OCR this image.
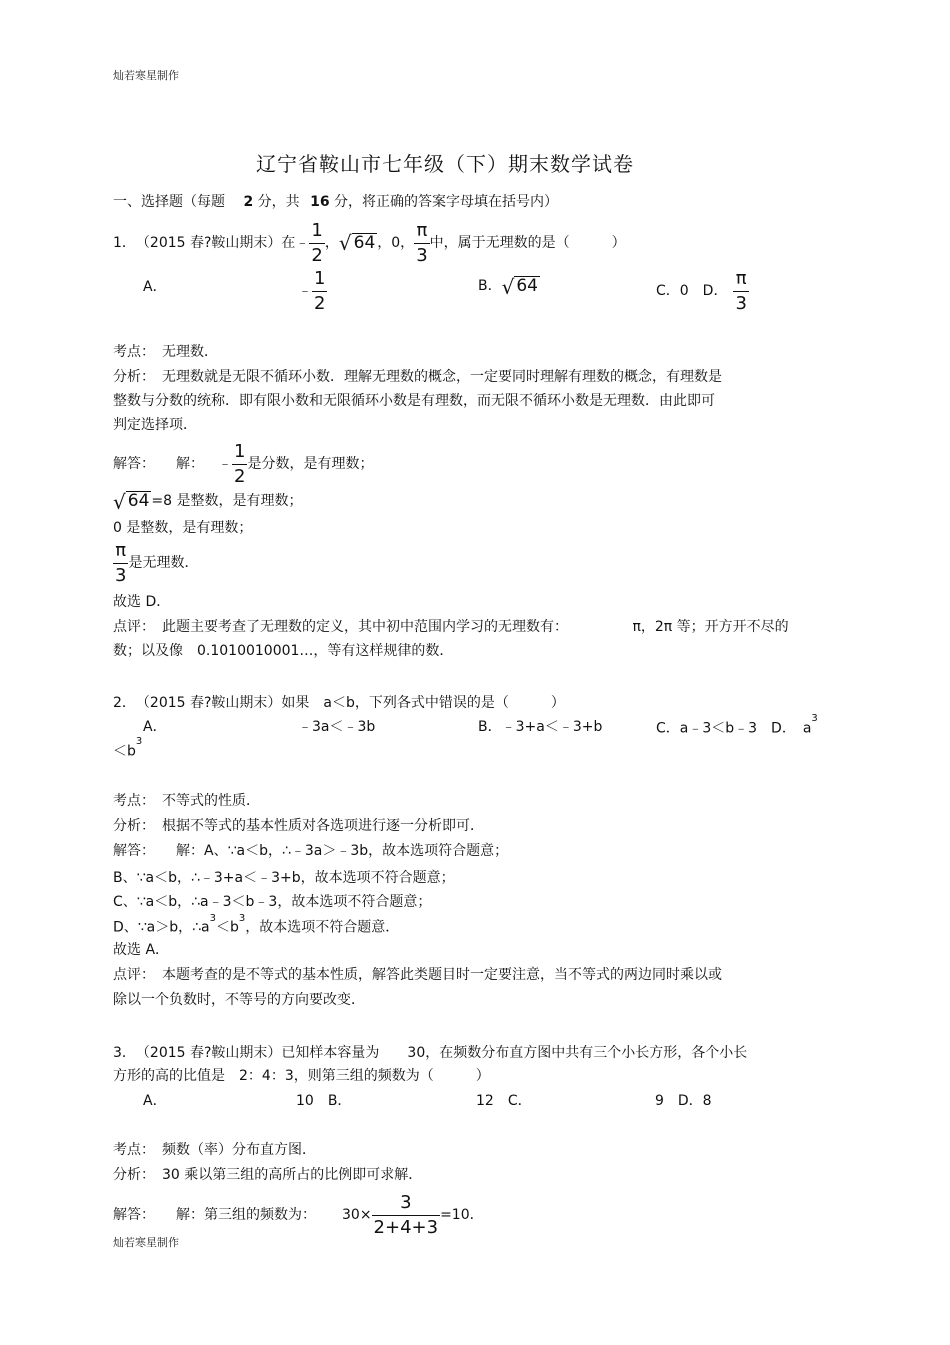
灿若寒星制作
辽宁省鞍山市七年级（下）期末数学试卷
一、选择题（每题 2 分，共 16 分，将正确的答案字母填在括号内）
1．　（2015 春?鞍山期末）在﹣ $\frac{1}{2}$ ， √ 64 ，0， $\frac{\pi}{3}$ 中，属于无理数的是（　　　）
A．	﹣ $\frac{1}{2}$	B． √ 64	C．0　D． $\frac{\pi}{3}$
考点：　无理数．
分析：　无理数就是无限不循环小数．理解无理数的概念，一定要同时理解有理数的概念，有理数是
整数与分数的统称．即有限小数和无限循环小数是有理数，而无限不循环小数是无理数．由此即可
判定选择项．
解答：　　解： ﹣ $\frac{1}{2}$ 是分数，是有理数；
√ 64 =8 是整数，是有理数；
0 是整数，是有理数；
$\frac{\pi}{3}$ 是无理数．
故选 D．
点评：　此题主要考查了无理数的定义，其中初中范围内学习的无理数有：	π，2π 等；开方开不尽的
数；以及像　0.1010010001…，等有这样规律的数．
2．　（2015 春?鞍山期末）如果　a＜b，下列各式中错误的是（　　　）
A．	﹣3a＜﹣3b	B．﹣3+a＜﹣3+b	C．a﹣3＜b﹣3　D．　$a^3$
$<b^3$
考点：　不等式的性质．
分析：　根据不等式的基本性质对各选项进行逐一分析即可．
解答：　　解：A、∵a＜b，∴﹣3a＞﹣3b，故本选项符合题意；
B、∵a＜b，∴﹣3+a＜﹣3+b，故本选项不符合题意；
C、∵a＜b，∴a﹣3＜b﹣3，故本选项不符合题意；
D、∵a＞b，$\therefore a^3<b^3$，故本选项不符合题意．
故选 A．
点评：　本题考查的是不等式的基本性质，解答此类题目时一定要注意，当不等式的两边同时乘以或
除以一个负数时，不等号的方向要改变．
3．　（2015 春?鞍山期末）已知样本容量为　　30，在频数分布直方图中共有三个小长方形，各个小长
方形的高的比值是　2：4：3，则第三组的频数为（　　　）
A．	10　B．	12　C．	9　D．8
考点：　频数（率）分布直方图．
分析：　30 乘以第三组的高所占的比例即可求解．
解答：　　解：第三组的频数为： $30\times \frac{3}{2+4+3} =10$．
灿若寒星制作
